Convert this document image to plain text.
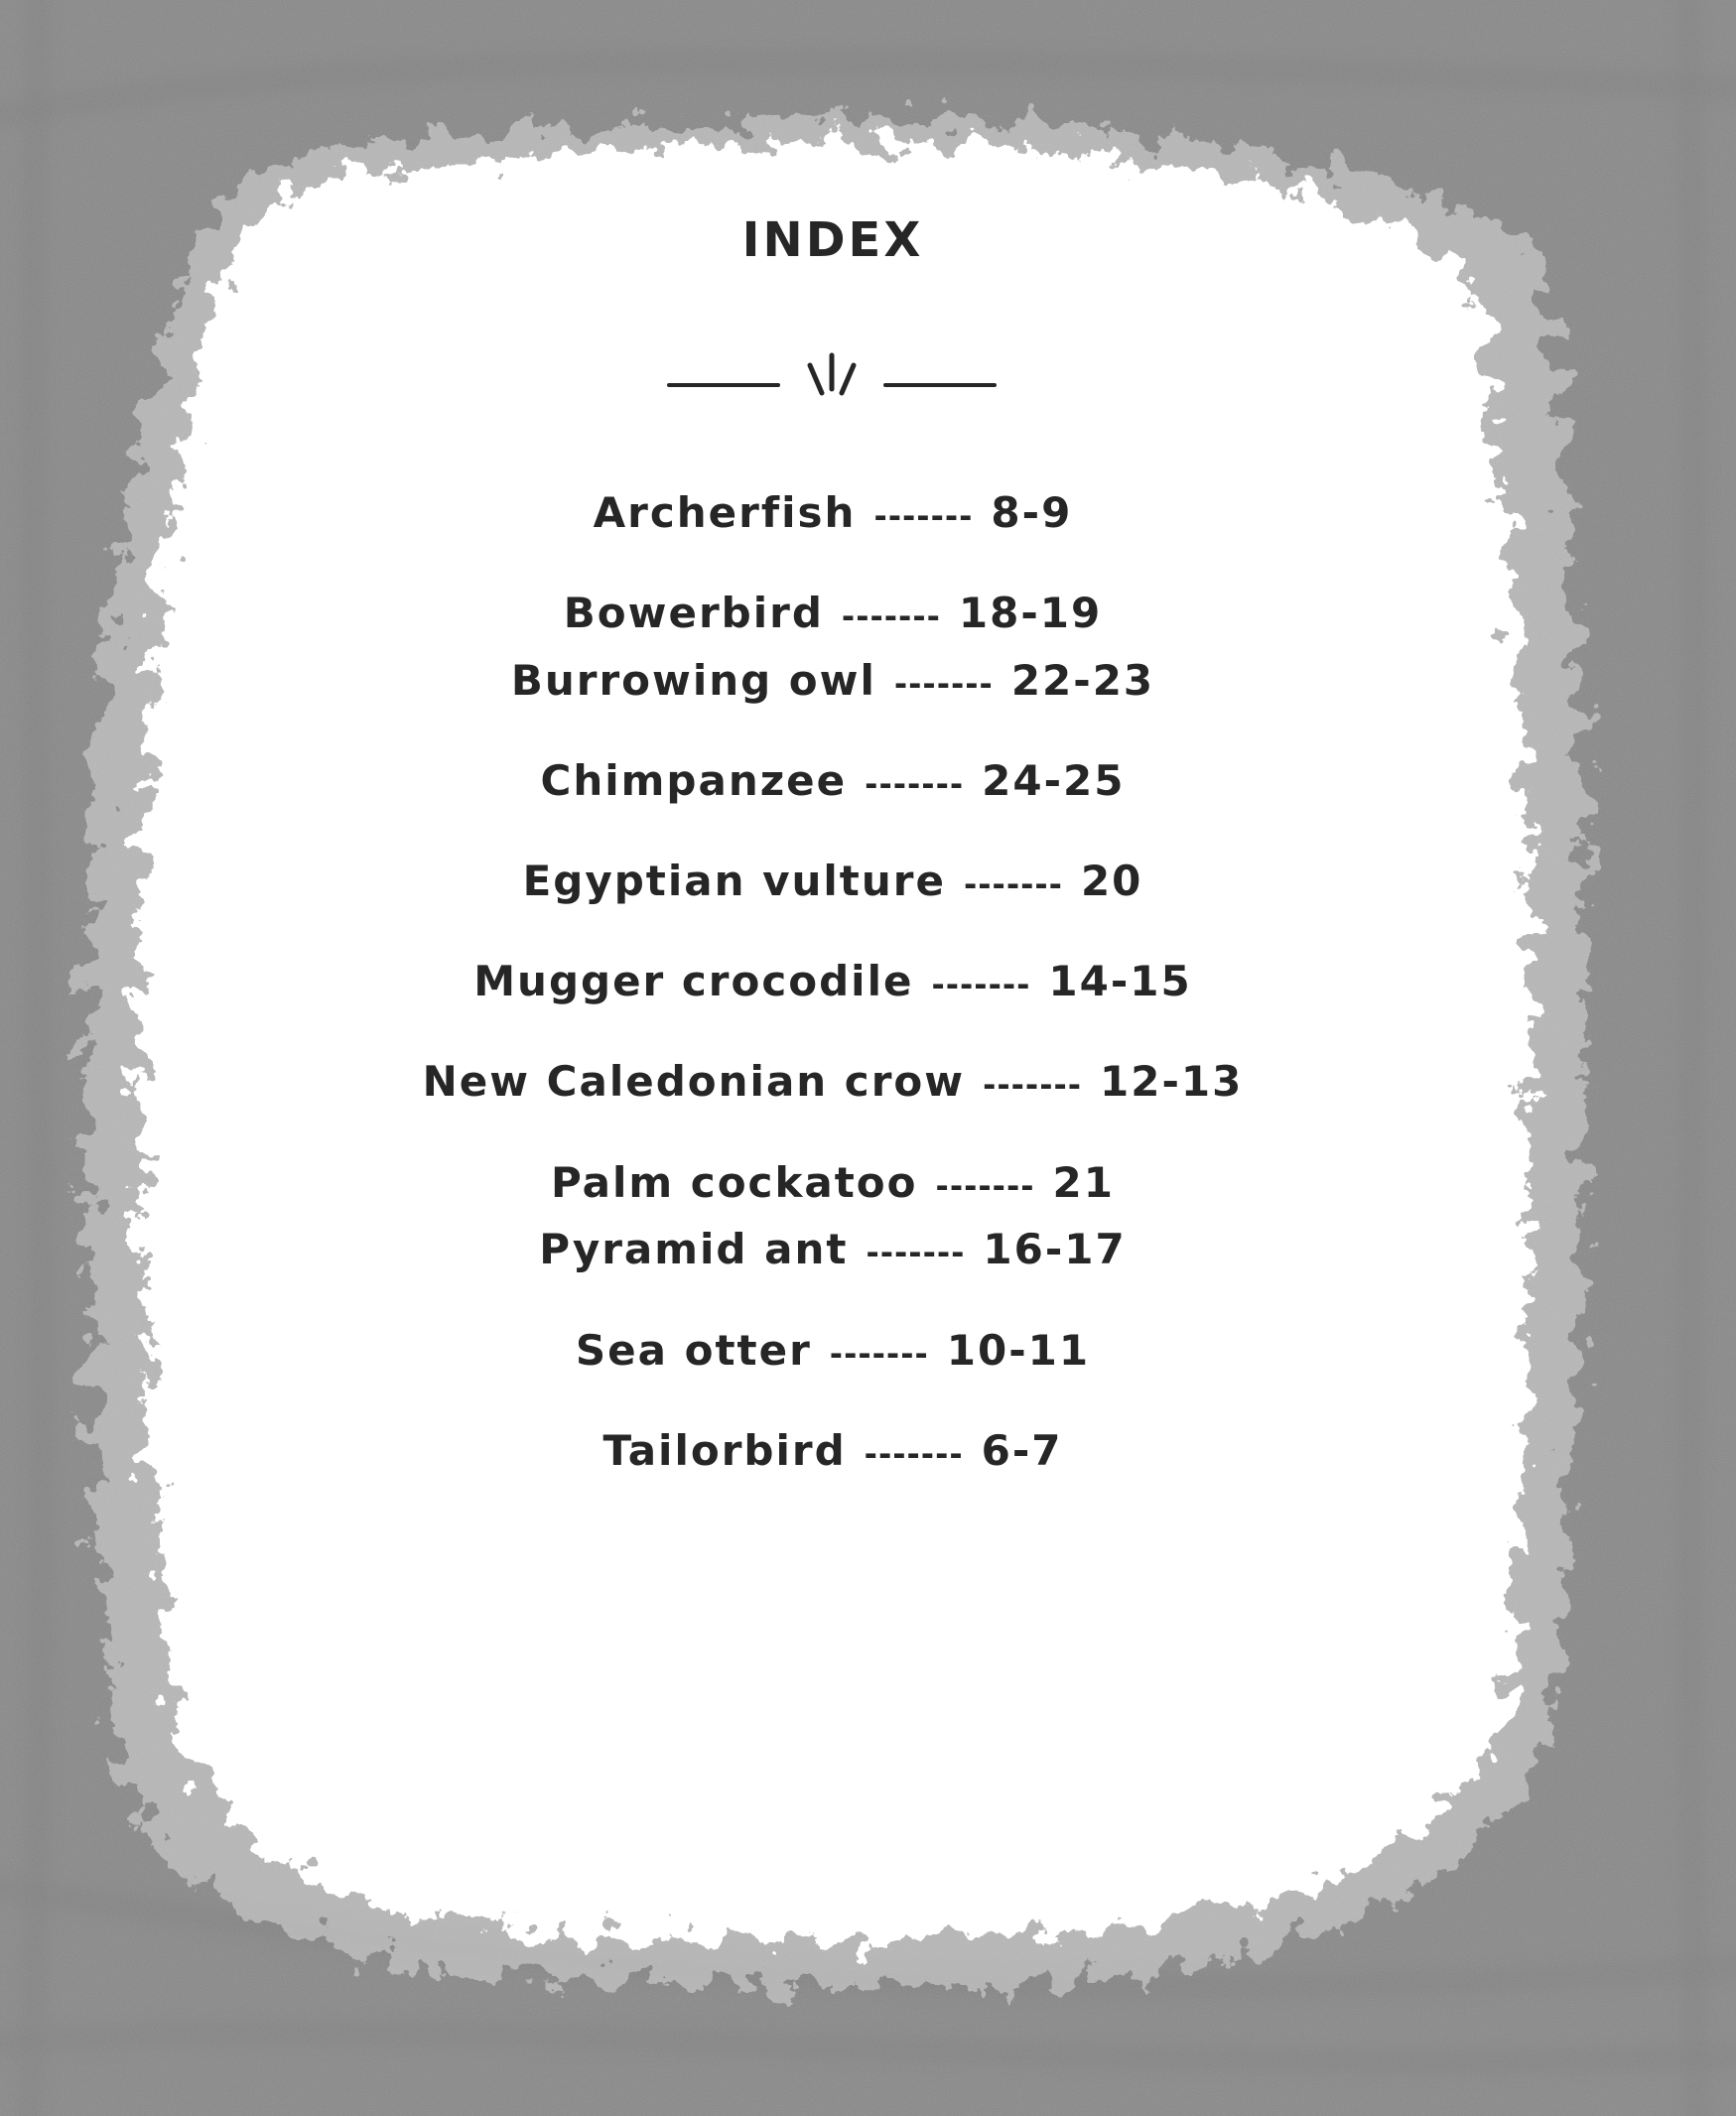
INDEX
Archerfish ------- 8-9
Bowerbird ------- 18-19
Burrowing owl ------- 22-23
Chimpanzee ------- 24-25
Egyptian vulture ------- 20
Mugger crocodile ------- 14-15
New Caledonian crow ------- 12-13
Palm cockatoo ------- 21
Pyramid ant ------- 16-17
Sea otter ------- 10-11
Tailorbird ------- 6-7
